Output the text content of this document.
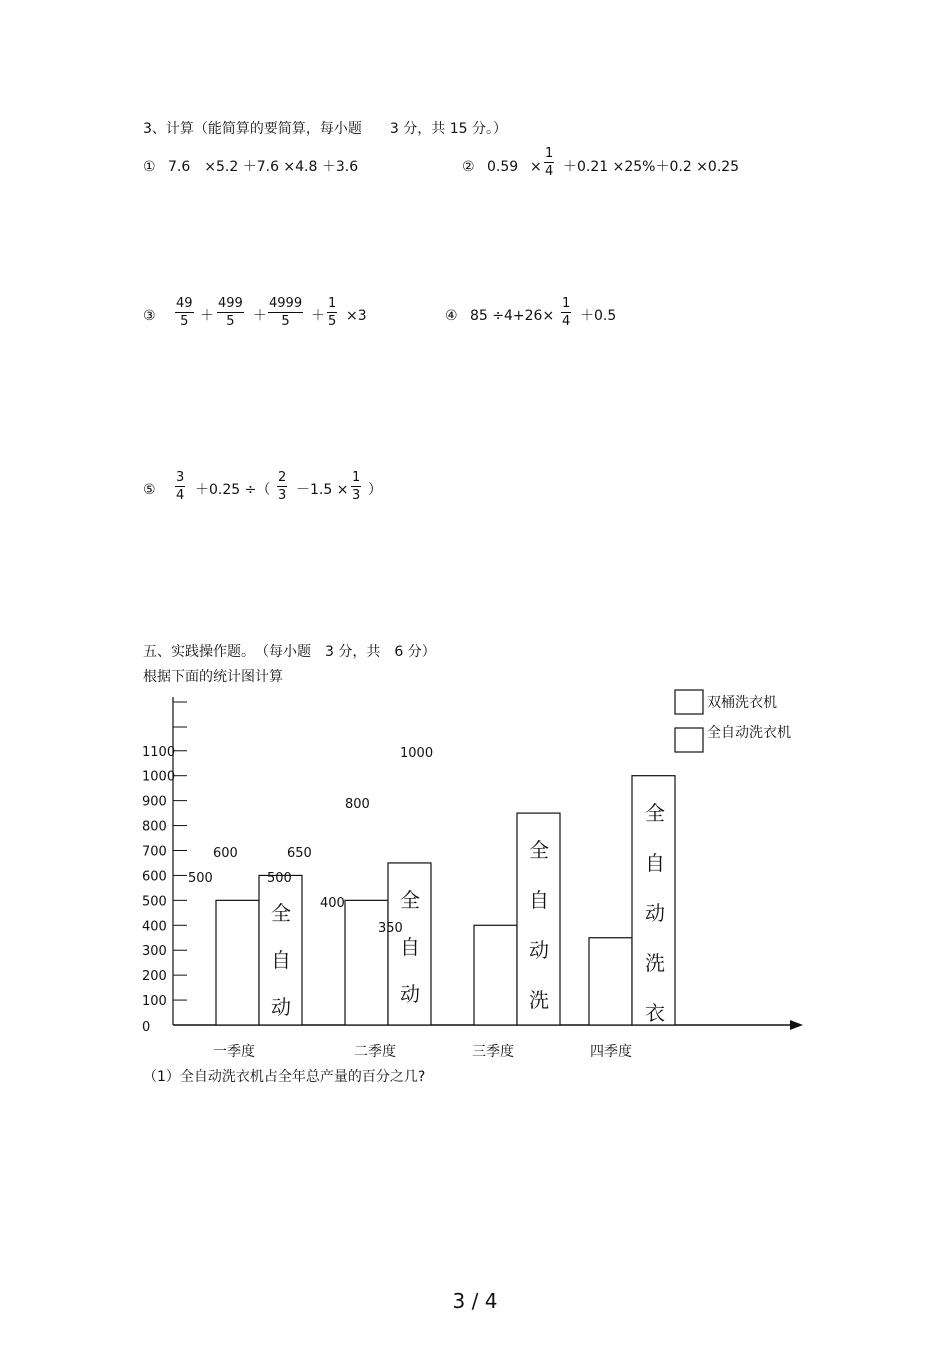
3、计算（能简算的要简算，每小题　　3 分，共 15 分。）
① 7.6　×5.2 ＋7.6 ×4.8 ＋3.6	② $0.59 \times \frac{1}{4} +0.21 \times 25\%+0.2 \times 0.25$
③ $\frac{49}{5} + \frac{499}{5} + \frac{4999}{5} + \frac{1}{5} \times 3$	④ $85 \div 4+26\times \frac{1}{4} +0.5$
⑤ $\frac{3}{4} +0.25$ ÷（ $\frac{2}{3} -1.5 \times \frac{1}{3}$ ）
五、实践操作题。　（每小题　3 分，共　6 分）
根据下面的统计图计算
0
100
200
300
400
500
600
700
800
900
1000
1100
全
自
动
一季度
全
自
动
二季度
全
自
动
洗
三季度
全
自
动
洗
衣
四季度
500
600
500
650
400
350
800
1000
双桶洗衣机
全自动洗衣机
（1）全自动洗衣机占全年总产量的百分之几?
3 / 4
